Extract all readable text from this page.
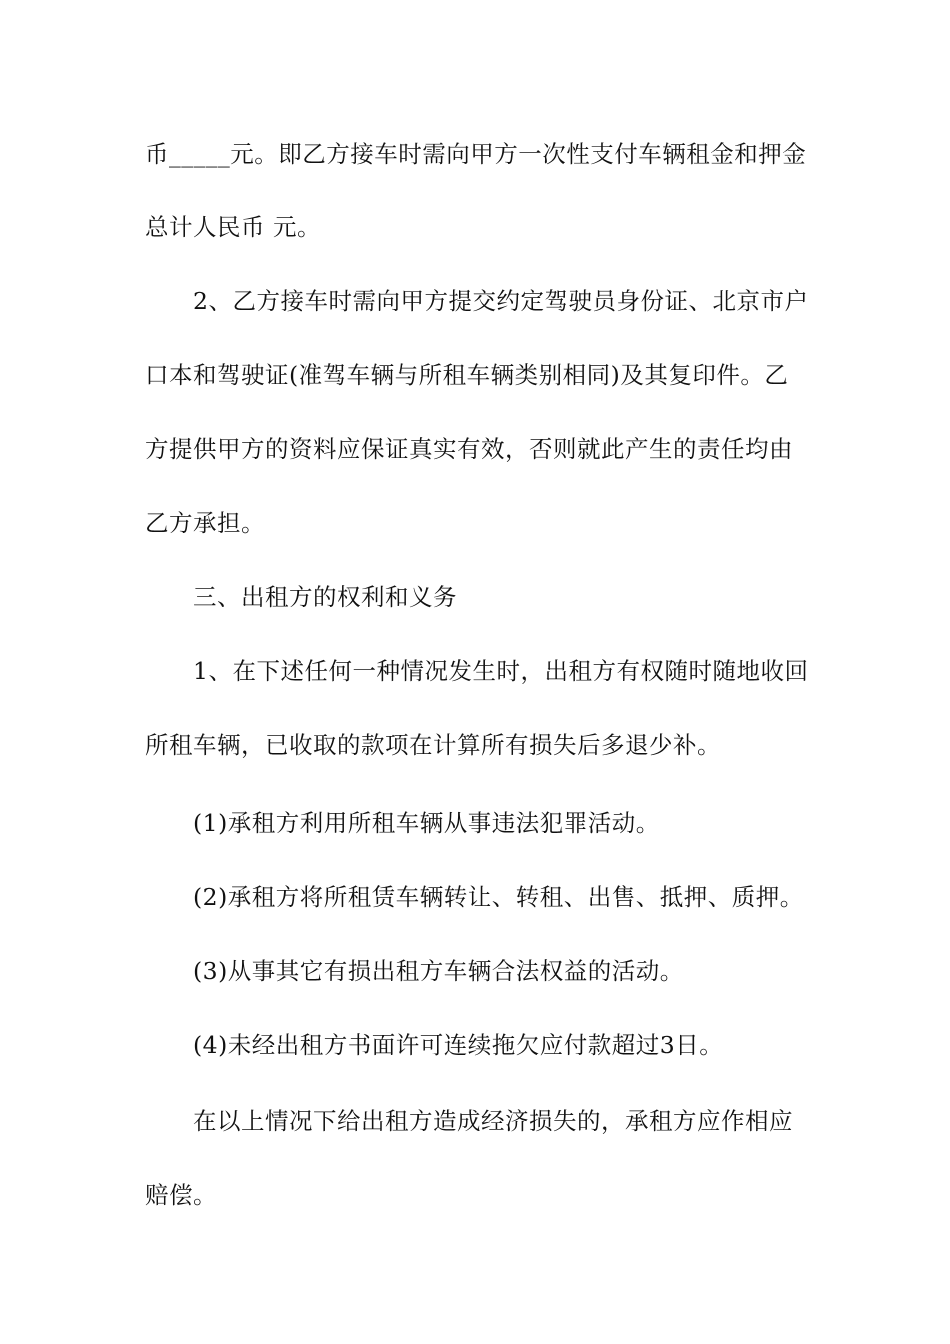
币_____元。即乙方接车时需向甲方一次性支付车辆租金和押金
总计人民币 元。
2、乙方接车时需向甲方提交约定驾驶员身份证、北京市户
口本和驾驶证(准驾车辆与所租车辆类别相同)及其复印件。乙
方提供甲方的资料应保证真实有效，否则就此产生的责任均由
乙方承担。
三、出租方的权利和义务
1、在下述任何一种情况发生时，出租方有权随时随地收回
所租车辆，已收取的款项在计算所有损失后多退少补。
(1)承租方利用所租车辆从事违法犯罪活动。
(2)承租方将所租赁车辆转让、转租、出售、抵押、质押。
(3)从事其它有损出租方车辆合法权益的活动。
(4)未经出租方书面许可连续拖欠应付款超过3日。
在以上情况下给出租方造成经济损失的，承租方应作相应
赔偿。
